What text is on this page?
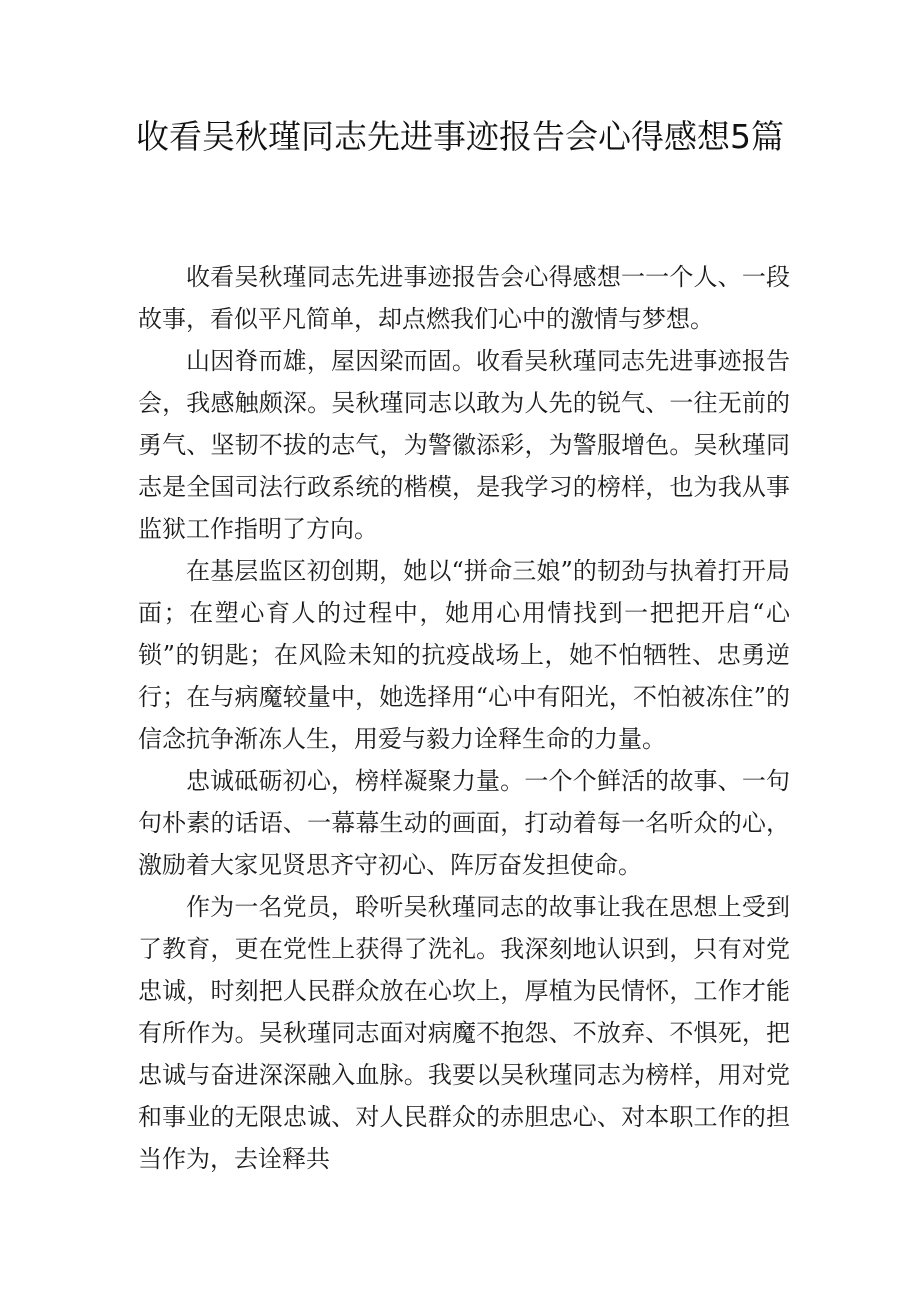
收看吴秋瑾同志先进事迹报告会心得感想5篇

收看吴秋瑾同志先进事迹报告会心得感想一一个人、一段故事，看似平凡简单，却点燃我们心中的激情与梦想。

山因脊而雄，屋因梁而固。收看吴秋瑾同志先进事迹报告会，我感触颇深。吴秋瑾同志以敢为人先的锐气、一往无前的勇气、坚韧不拔的志气，为警徽添彩，为警服增色。吴秋瑾同志是全国司法行政系统的楷模，是我学习的榜样，也为我从事监狱工作指明了方向。

在基层监区初创期，她以“拼命三娘”的韧劲与执着打开局面；在塑心育人的过程中，她用心用情找到一把把开启“心锁”的钥匙；在风险未知的抗疫战场上，她不怕牺牲、忠勇逆行；在与病魔较量中，她选择用“心中有阳光，不怕被冻住”的信念抗争渐冻人生，用爱与毅力诠释生命的力量。

忠诚砥砺初心，榜样凝聚力量。一个个鲜活的故事、一句句朴素的话语、一幕幕生动的画面，打动着每一名听众的心，激励着大家见贤思齐守初心、阵厉奋发担使命。

作为一名党员，聆听吴秋瑾同志的故事让我在思想上受到了教育，更在党性上获得了洗礼。我深刻地认识到，只有对党忠诚，时刻把人民群众放在心坎上，厚植为民情怀，工作才能有所作为。吴秋瑾同志面对病魔不抱怨、不放弃、不惧死，把忠诚与奋进深深融入血脉。我要以吴秋瑾同志为榜样，用对党和事业的无限忠诚、对人民群众的赤胆忠心、对本职工作的担当作为，去诠释共
